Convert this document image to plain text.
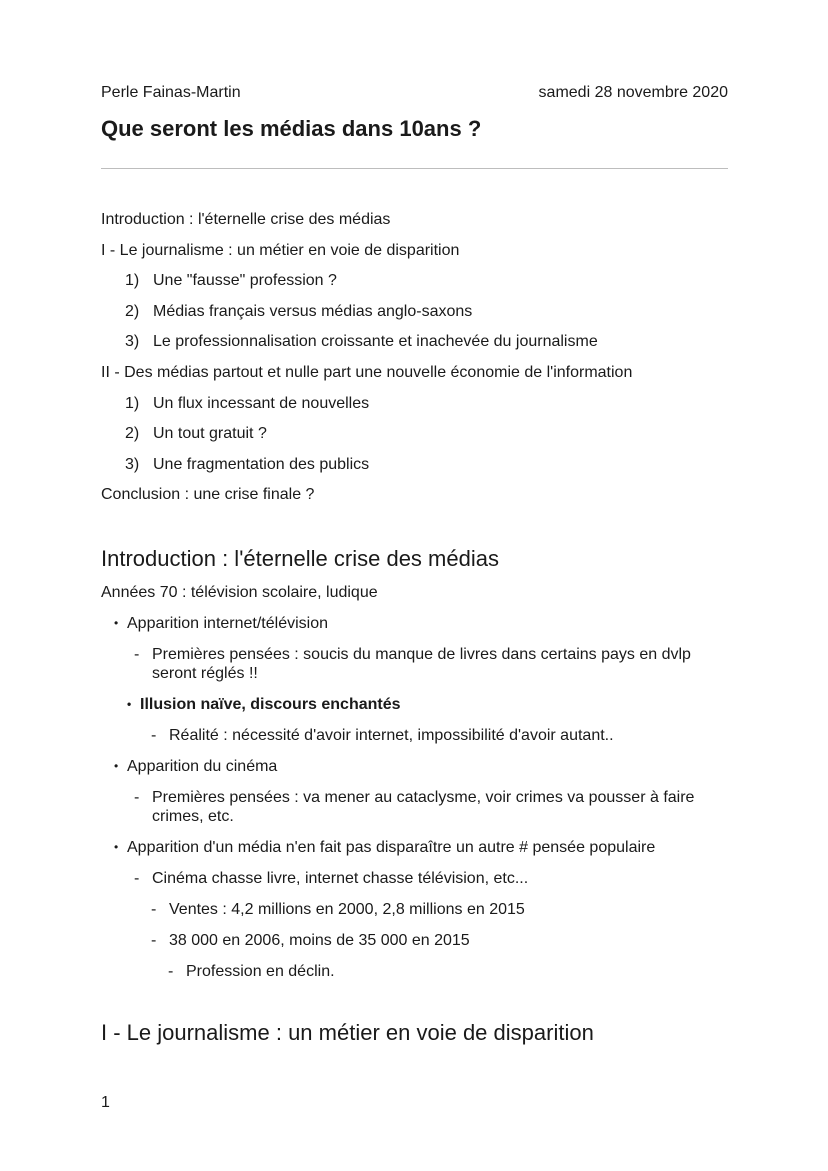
Perle Fainas-Martin	samedi 28 novembre 2020
Que seront les médias dans 10ans ?
Introduction : l'éternelle crise des médias
I - Le journalisme : un métier en voie de disparition
1) Une "fausse" profession ?
2) Médias français versus médias anglo-saxons
3) Le professionnalisation croissante et inachevée du journalisme
II - Des médias partout et nulle part une nouvelle économie de l'information
1) Un flux incessant de nouvelles
2) Un tout gratuit ?
3) Une fragmentation des publics
Conclusion : une crise finale ?
Introduction : l'éternelle crise des médias
Années 70 : télévision scolaire, ludique
• Apparition internet/télévision
- Premières pensées : soucis du manque de livres dans certains pays en dvlp
seront réglés !!
• Illusion naïve, discours enchantés
- Réalité : nécessité d'avoir internet, impossibilité d'avoir autant..
• Apparition du cinéma
- Premières pensées : va mener au cataclysme, voir crimes va pousser à faire
crimes, etc.
• Apparition d'un média n'en fait pas disparaître un autre # pensée populaire
- Cinéma chasse livre, internet chasse télévision, etc...
- Ventes : 4,2 millions en 2000, 2,8 millions en 2015
- 38 000 en 2006, moins de 35 000 en 2015
- Profession en déclin.
I - Le journalisme : un métier en voie de disparition
1
